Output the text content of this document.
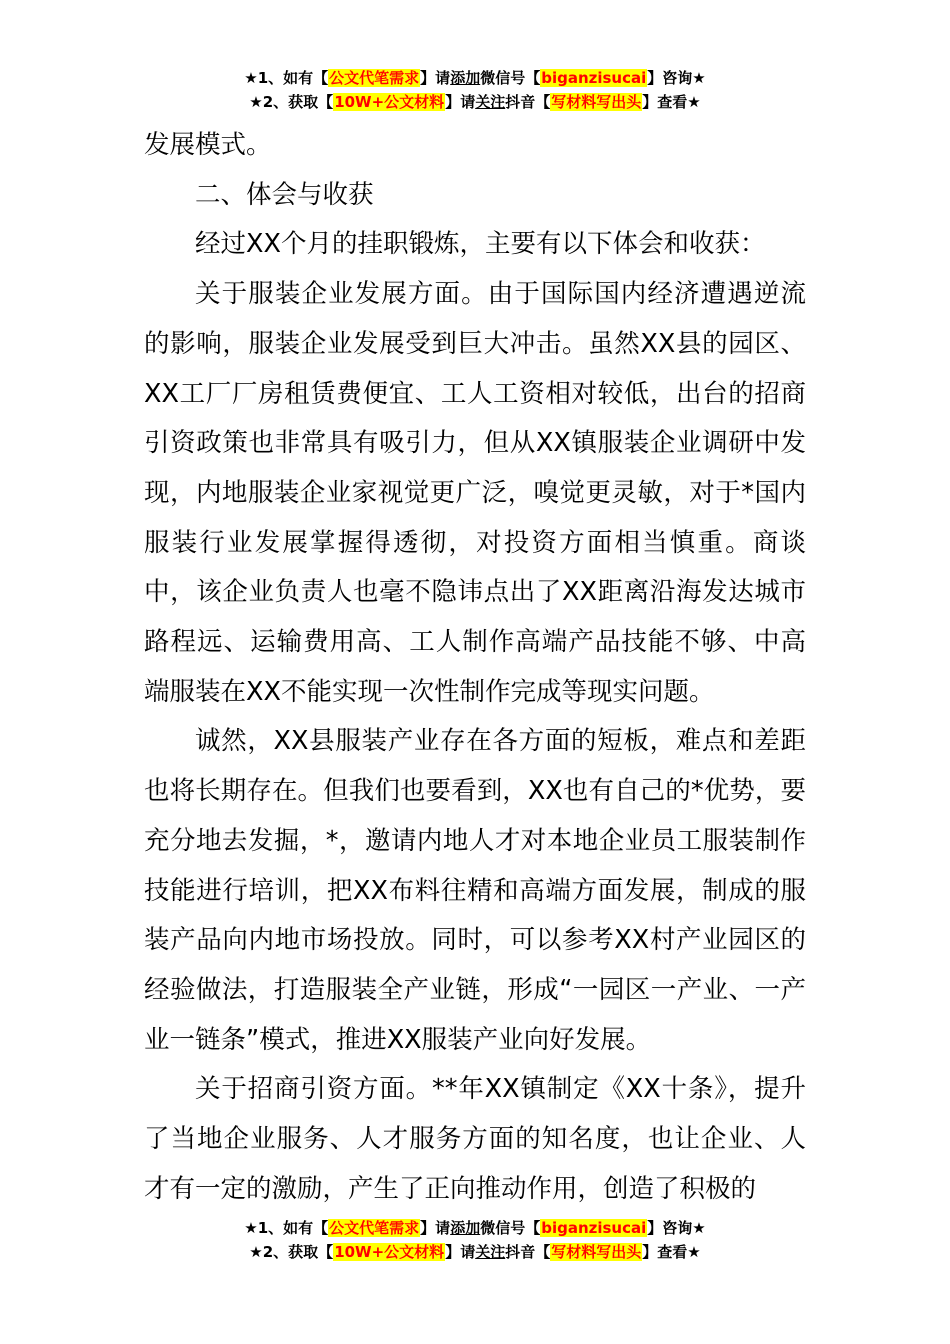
★1、如有【公文代笔需求】请添加微信号【biganzisucai】咨询★
★2、获取【10W+公文材料】请关注抖音【写材料写出头】查看★

发展模式。

二、体会与收获

经过XX个月的挂职锻炼，主要有以下体会和收获：

关于服装企业发展方面。由于国际国内经济遭遇逆流的影响，服装企业发展受到巨大冲击。虽然XX县的园区、XX工厂厂房租赁费便宜、工人工资相对较低，出台的招商引资政策也非常具有吸引力，但从XX镇服装企业调研中发现，内地服装企业家视觉更广泛，嗅觉更灵敏，对于*国内服装行业发展掌握得透彻，对投资方面相当慎重。商谈中，该企业负责人也毫不隐讳点出了XX距离沿海发达城市路程远、运输费用高、工人制作高端产品技能不够、中高端服装在XX不能实现一次性制作完成等现实问题。

诚然，XX县服装产业存在各方面的短板，难点和差距也将长期存在。但我们也要看到，XX也有自己的*优势，要充分地去发掘，*，邀请内地人才对本地企业员工服装制作技能进行培训，把XX布料往精和高端方面发展，制成的服装产品向内地市场投放。同时，可以参考XX村产业园区的经验做法，打造服装全产业链，形成“一园区一产业、一产业一链条”模式，推进XX服装产业向好发展。

关于招商引资方面。**年XX镇制定《XX十条》，提升了当地企业服务、人才服务方面的知名度，也让企业、人才有一定的激励，产生了正向推动作用，创造了积极的

★1、如有【公文代笔需求】请添加微信号【biganzisucai】咨询★
★2、获取【10W+公文材料】请关注抖音【写材料写出头】查看★
